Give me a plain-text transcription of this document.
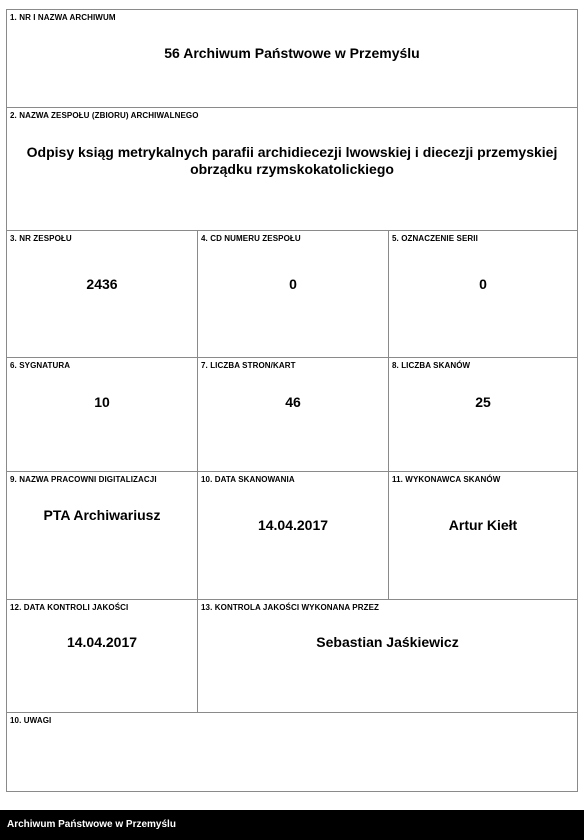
1. NR I NAZWA ARCHIWUM
56 Archiwum Państwowe w Przemyślu
2. NAZWA ZESPOŁU (ZBIORU) ARCHIWALNEGO
Odpisy ksiąg metrykalnych parafii archidiecezji lwowskiej i diecezji przemyskiej
obrządku rzymskokatolickiego
3. NR ZESPOŁU
2436
4. CD NUMERU ZESPOŁU
0
5. OZNACZENIE SERII
0
6. SYGNATURA
10
7. LICZBA STRON/KART
46
8. LICZBA SKANÓW
25
9. NAZWA PRACOWNI DIGITALIZACJI
PTA Archiwariusz
10. DATA SKANOWANIA
14.04.2017
11. WYKONAWCA SKANÓW
Artur Kiełt
12. DATA KONTROLI JAKOŚCI
14.04.2017
13. KONTROLA JAKOŚCI WYKONANA PRZEZ
Sebastian Jaśkiewicz
10. UWAGI
Archiwum Państwowe w Przemyślu
